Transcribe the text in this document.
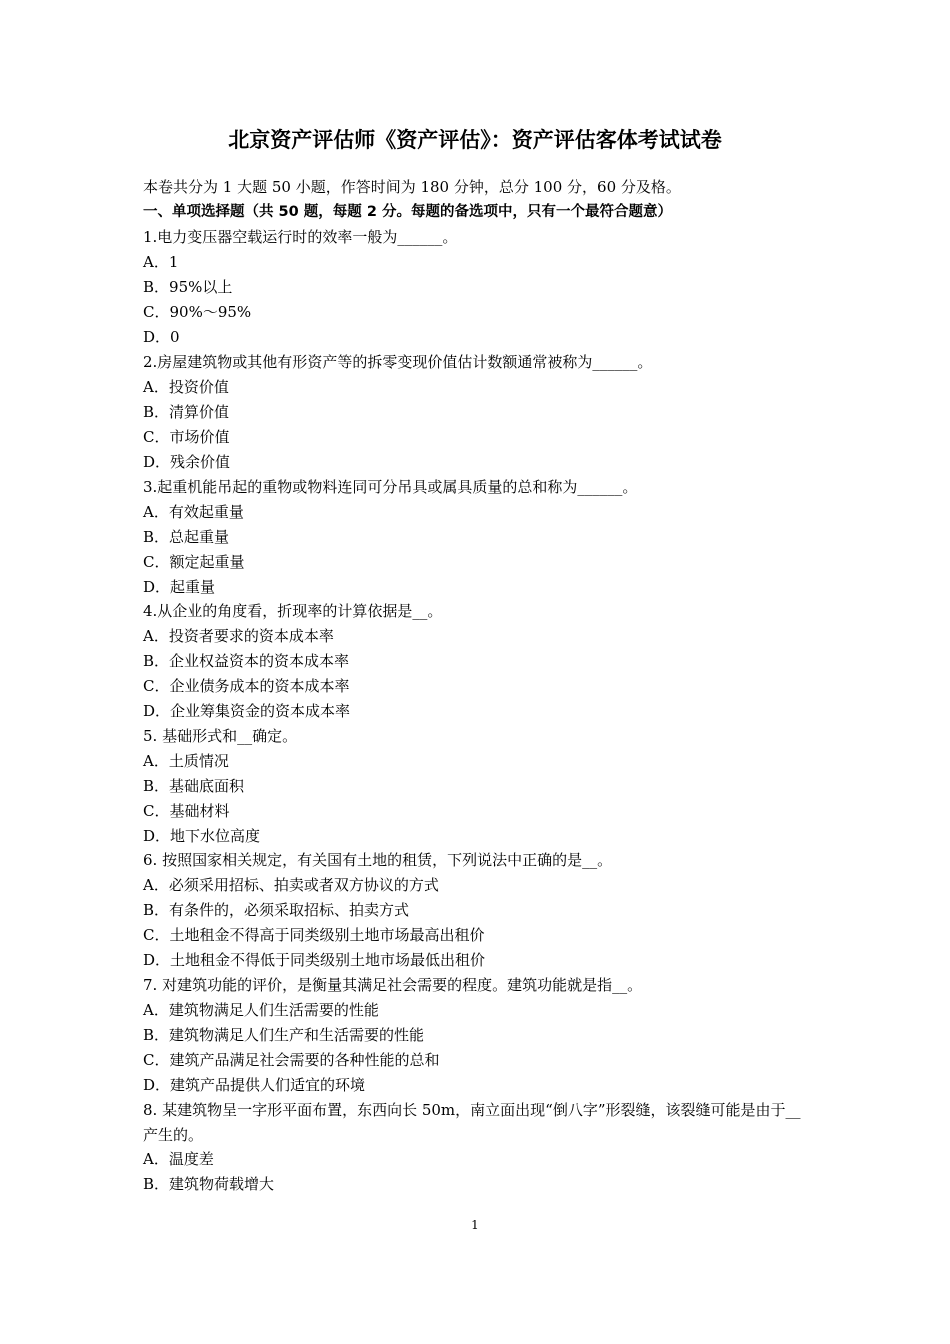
北京资产评估师《资产评估》：资产评估客体考试试卷
本卷共分为 1 大题 50 小题，作答时间为 180 分钟，总分 100 分，60 分及格。
一、单项选择题（共 50 题，每题 2 分。每题的备选项中，只有一个最符合题意）
1.电力变压器空载运行时的效率一般为______。
A．1
B．95%以上
C．90%～95%
D．0
2.房屋建筑物或其他有形资产等的拆零变现价值估计数额通常被称为______。
A．投资价值
B．清算价值
C．市场价值
D．残余价值
3.起重机能吊起的重物或物料连同可分吊具或属具质量的总和称为______。
A．有效起重量
B．总起重量
C．额定起重量
D．起重量
4.从企业的角度看，折现率的计算依据是__。
A．投资者要求的资本成本率
B．企业权益资本的资本成本率
C．企业债务成本的资本成本率
D．企业筹集资金的资本成本率
5. 基础形式和__确定。
A．土质情况
B．基础底面积
C．基础材料
D．地下水位高度
6. 按照国家相关规定，有关国有土地的租赁，下列说法中正确的是__。
A．必须采用招标、拍卖或者双方协议的方式
B．有条件的，必须采取招标、拍卖方式
C．土地租金不得高于同类级别土地市场最高出租价
D．土地租金不得低于同类级别土地市场最低出租价
7. 对建筑功能的评价，是衡量其满足社会需要的程度。建筑功能就是指__。
A．建筑物满足人们生活需要的性能
B．建筑物满足人们生产和生活需要的性能
C．建筑产品满足社会需要的各种性能的总和
D．建筑产品提供人们适宜的环境
8. 某建筑物呈一字形平面布置，东西向长 50m，南立面出现“倒八字”形裂缝，该裂缝可能是由于__产生的。
A．温度差
B．建筑物荷载增大
1
